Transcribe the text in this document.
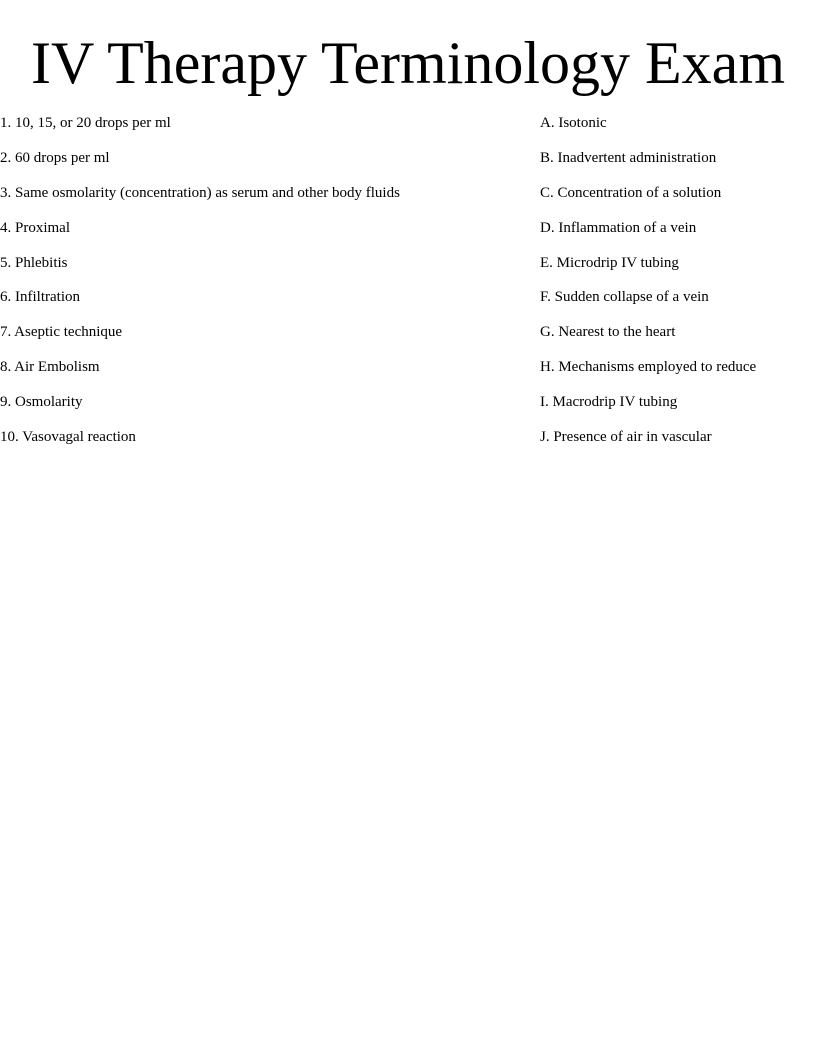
IV Therapy Terminology Exam
1. 10, 15, or 20 drops per ml
2. 60 drops per ml
3. Same osmolarity (concentration) as serum and other body fluids
4. Proximal
5. Phlebitis
6. Infiltration
7. Aseptic technique
8. Air Embolism
9. Osmolarity
10. Vasovagal reaction
A. Isotonic
B. Inadvertent administration
C. Concentration of a solution
D. Inflammation of a vein
E. Microdrip IV tubing
F. Sudden collapse of a vein
G. Nearest to the heart
H. Mechanisms employed to reduce
I. Macrodrip IV tubing
J. Presence of air in vascular
